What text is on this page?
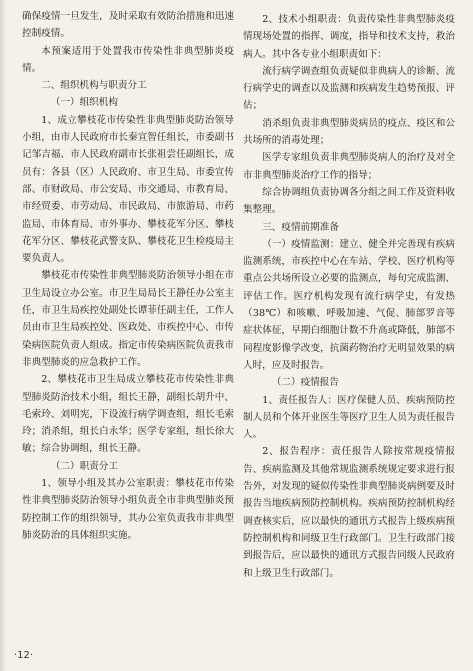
确保疫情一旦发生，及时采取有效防治措施和迅速控制疫情。

本预案适用于处置我市传染性非典型肺炎疫情。

二、组织机构与职责分工

（一）组织机构

1、成立攀枝花市传染性非典型肺炎防治领导小组，由市人民政府市长秦宣智任组长，市委副书记邹吉福、市人民政府副市长张祖尝任副组长，成员有：各县（区）人民政府、市卫生局、市委宣传部、市财政局、市公安局、市交通局、市教育局、市经贸委、市劳动局、市民政局、市旅游局、市药监局、市体育局、市外事办、攀枝花军分区、攀枝花军分区、攀枝花武警支队、攀枝花卫生检疫局主要负责人。

攀枝花市传染性非典型肺炎防治领导小组在市卫生局设立办公室。市卫生局局长王静任办公室主任，市卫生局疾控处副处长谭菲任副主任，工作人员由市卫生局疾控处、医政处、市疾控中心、市传染病医院负责人组成。指定市传染病医院负责我市非典型肺炎的应急救护工作。

2、攀枝花市卫生局成立攀枝花市传染性非典型肺炎防治技术小组，组长王静，副组长胡升中、毛索玲、刘明宪，下设流行病学调查组，组长毛索玲；消杀组，组长白永华；医学专家组，组长徐大敏；综合协调组，组长王静。

（二）职责分工

1、领导小组及其办公室职责：攀枝花市传染性非典型肺炎防治领导小组负责全市非典型肺炎预防控制工作的组织领导，其办公室负责我市非典型肺炎防治的具体组织实施。

2、技术小组职责：负责传染性非典型肺炎疫情现场处置的指挥、调度，指导和技术支持，救治病人。其中各专业小组职责如下：

流行病学调查组负责疑似非典病人的诊断、流行病学史的调查以及监测和疾病发生趋势预报、评估；

消杀组负责非典型肺炎病员的疫点、疫区和公共场所的消毒处理；

医学专家组负责非典型肺炎病人的治疗及对全市非典型肺炎治疗工作的指导；

综合协调组负责协调各分组之间工作及资料收集整理。

三、疫情前期准备

（一）疫情监测：建立、健全并完善现有疾病监测系统，市疾控中心在车站、学校、医疗机构等重点公共场所设立必要的监测点，每旬完成监测、评估工作。医疗机构发现有流行病学史，有发热（38℃）和咳嗽、呼吸加速、气促、肺部罗音等症状体征，早期白细胞计数不升高或降低，肺部不同程度影像学改变，抗菌药物治疗无明显效果的病人时，应及时报告。

（二）疫情报告

1、责任报告人：医疗保健人员、疾病预防控制人员和个体开业医生等医疗卫生人员为责任报告人。

2、报告程序：责任报告人除按常规疫情报告、疾病监测及其他常规监测系统规定要求进行报告外，对发现的疑似传染性非典型肺炎病例要及时报告当地疾病预防控制机构。疾病预防控制机构经调查核实后，应以最快的通讯方式报告上级疾病预防控制机构和同级卫生行政部门。卫生行政部门接到报告后，应以最快的通讯方式报告同级人民政府和上级卫生行政部门。

·12·
